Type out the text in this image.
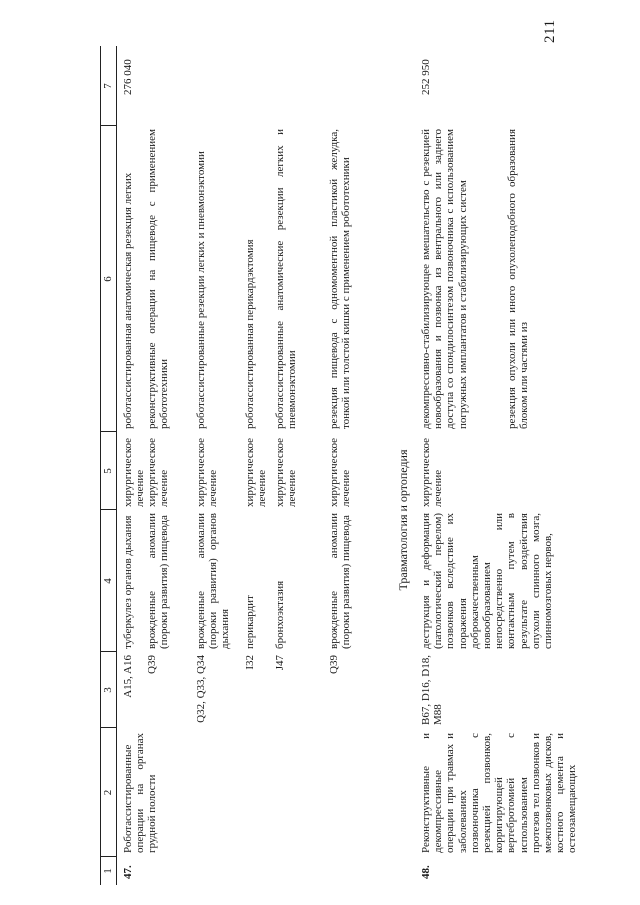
211
1
2
3
4
5
6
7
47.
Роботассистированные операции на органах грудной полости
276 040
A15, A16
туберкулез органов дыхания
хирургическое лечение
роботассистированная анатомическая резекция легких
Q39
врожденные аномалии (пороки развития) пищевода
хирургическое лечение
реконструктивные операции на пищеводе с применением робототехники
Q32, Q33, Q34
врожденные аномалии (пороки развития) органов дыхания
хирургическое лечение
роботассистированные резекции легких и пневмонэктомии
I32
перикардит
хирургическое лечение
роботассистированная перикардэктомия
J47
бронхоэктазия
хирургическое лечение
роботассистированные анатомические резекции легких и пневмонэктомии
Q39
врожденные аномалии (пороки развития) пищевода
хирургическое лечение
резекция пищевода с одномоментной пластикой желудка, тонкой или толстой кишки с применением робототехники
Травматология и ортопедия
48.
Реконструктивные и декомпрессивные операции при травмах и заболеваниях позвоночника с резекцией позвонков, корригирующей вертебротомией с использованием протезов тел позвонков и межпозвонковых дисков, костного цемента и остеозамещающих
B67, D16, D18, M88
деструкция и деформация (патологический перелом) позвонков вследствие их поражения доброкачественным новообразованием непосредственно или контактным путем в результате воздействия опухоли спинного мозга, спинномозговых нервов,
хирургическое лечение
декомпрессивно-стабилизирующее вмешательство с резекцией новообразования и позвонка из вентрального или заднего доступа со спондилосинтезом позвоночника с использованием погружных имплантатов и стабилизирующих систем	резекция опухоли или иного опухолеподобного образования блоком или частями из
252 950
